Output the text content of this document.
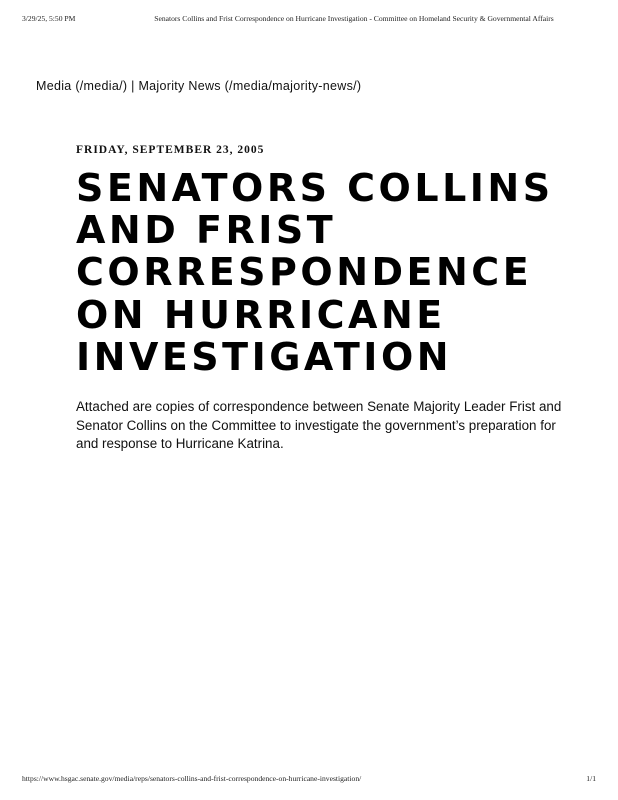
3/29/25, 5:50 PM	Senators Collins and Frist Correspondence on Hurricane Investigation - Committee on Homeland Security & Governmental Affairs
Media (/media/) | Majority News (/media/majority-news/)

FRIDAY, SEPTEMBER 23, 2005

SENATORS COLLINS AND FRIST CORRESPONDENCE ON HURRICANE INVESTIGATION

Attached are copies of correspondence between Senate Majority Leader Frist and Senator Collins on the Committee to investigate the government’s preparation for and response to Hurricane Katrina.

https://www.hsgac.senate.gov/media/reps/senators-collins-and-frist-correspondence-on-hurricane-investigation/	1/1
